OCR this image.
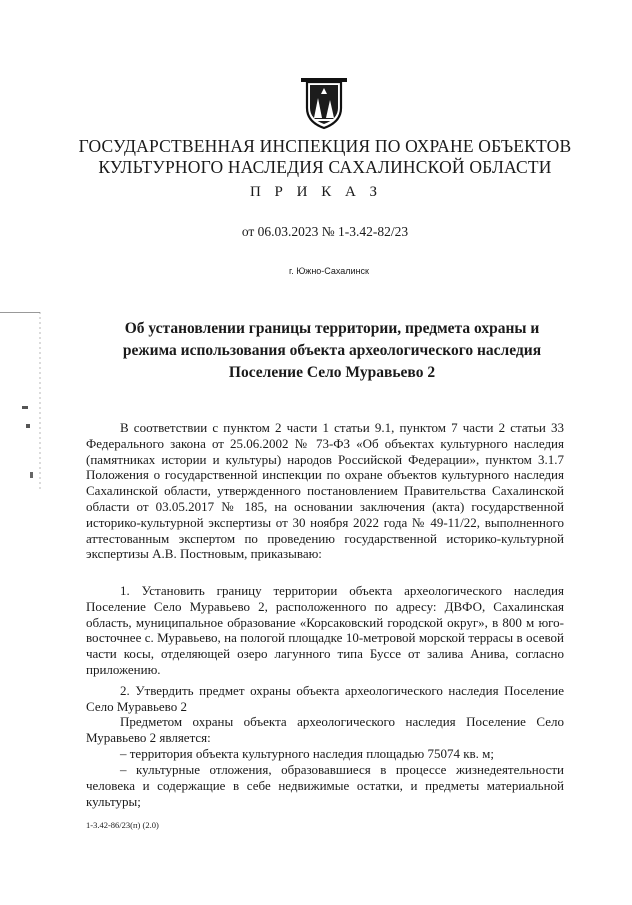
ГОСУДАРСТВЕННАЯ ИНСПЕКЦИЯ ПО ОХРАНЕ ОБЪЕКТОВ
КУЛЬТУРНОГО НАСЛЕДИЯ САХАЛИНСКОЙ ОБЛАСТИ
П Р И К А З
от 06.03.2023 № 1-3.42-82/23
г. Южно-Сахалинск
Об установлении границы территории, предмета охраны и
режима использования объекта археологического наследия
Поселение Село Муравьево 2
В соответствии с пунктом 2 части 1 статьи 9.1, пунктом 7 части 2 статьи 33 Федерального закона от 25.06.2002 № 73-ФЗ «Об объектах культурного наследия (памятниках истории и культуры) народов Российской Федерации», пунктом 3.1.7 Положения о государственной инспекции по охране объектов культурного наследия Сахалинской области, утвержденного постановлением Правительства Сахалинской области от 03.05.2017 № 185, на основании заключения (акта) государственной историко-культурной экспертизы от 30 ноября 2022 года № 49-11/22, выполненного аттестованным экспертом по проведению государственной историко-культурной экспертизы А.В. Постновым, приказываю:
1. Установить границу территории объекта археологического наследия Поселение Село Муравьево 2, расположенного по адресу: ДВФО, Сахалинская область, муниципальное образование «Корсаковский городской округ», в 800 м юго-восточнее с. Муравьево, на пологой площадке 10-метровой морской террасы в осевой части косы, отделяющей озеро лагунного типа Буссе от залива Анива, согласно приложению.
2. Утвердить предмет охраны объекта археологического наследия Поселение Село Муравьево 2
Предметом охраны объекта археологического наследия Поселение Село Муравьево 2 является:
– территория объекта культурного наследия площадью 75074 кв. м;
– культурные отложения, образовавшиеся в процессе жизнедеятельности человека и содержащие в себе недвижимые остатки, и предметы материальной культуры;
1-3.42-86/23(п) (2.0)
